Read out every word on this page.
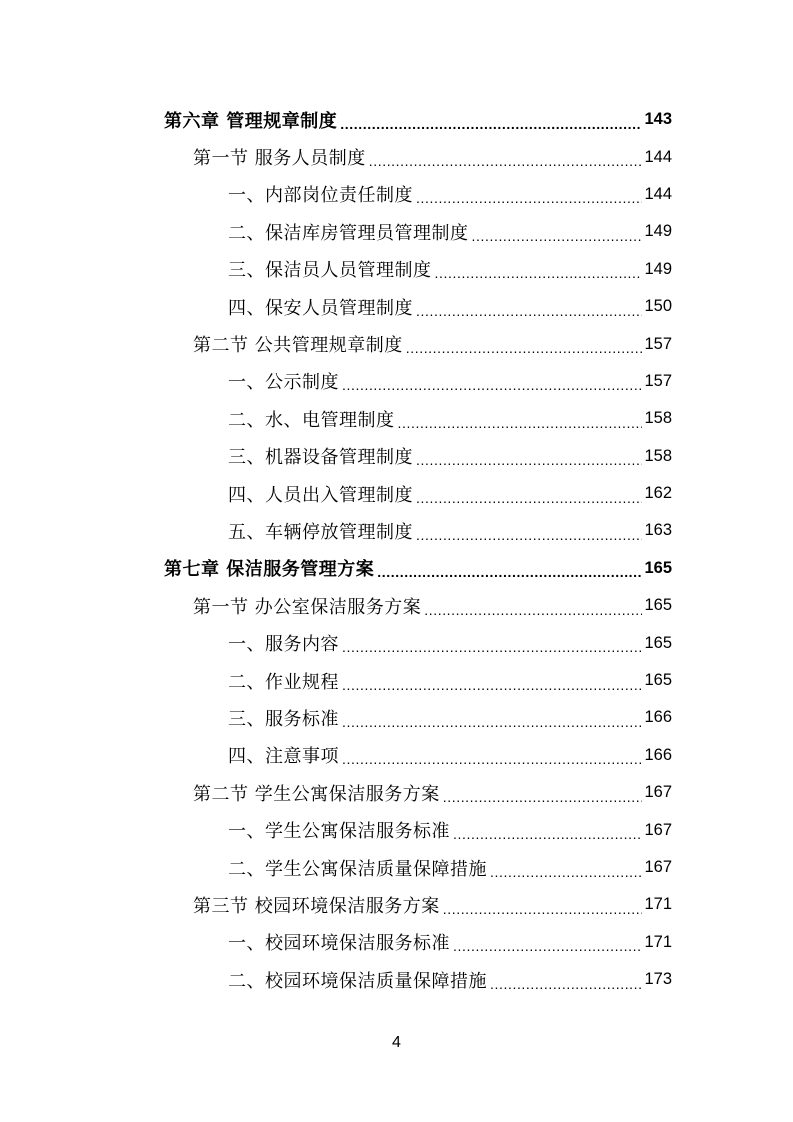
第六章 管理规章制度 .....	143
第一节 服务人员制度 .....	144
一、内部岗位责任制度 .....	144
二、保洁库房管理员管理制度 .....	149
三、保洁员人员管理制度 .....	149
四、保安人员管理制度 .....	150
第二节 公共管理规章制度 .....	157
一、公示制度 .....	157
二、水、电管理制度 .....	158
三、机器设备管理制度 .....	158
四、人员出入管理制度 .....	162
五、车辆停放管理制度 .....	163
第七章 保洁服务管理方案 .....	165
第一节 办公室保洁服务方案 .....	165
一、服务内容 .....	165
二、作业规程 .....	165
三、服务标准 .....	166
四、注意事项 .....	166
第二节 学生公寓保洁服务方案 .....	167
一、学生公寓保洁服务标准 .....	167
二、学生公寓保洁质量保障措施 .....	167
第三节 校园环境保洁服务方案 .....	171
一、校园环境保洁服务标准 .....	171
二、校园环境保洁质量保障措施 .....	173
4
